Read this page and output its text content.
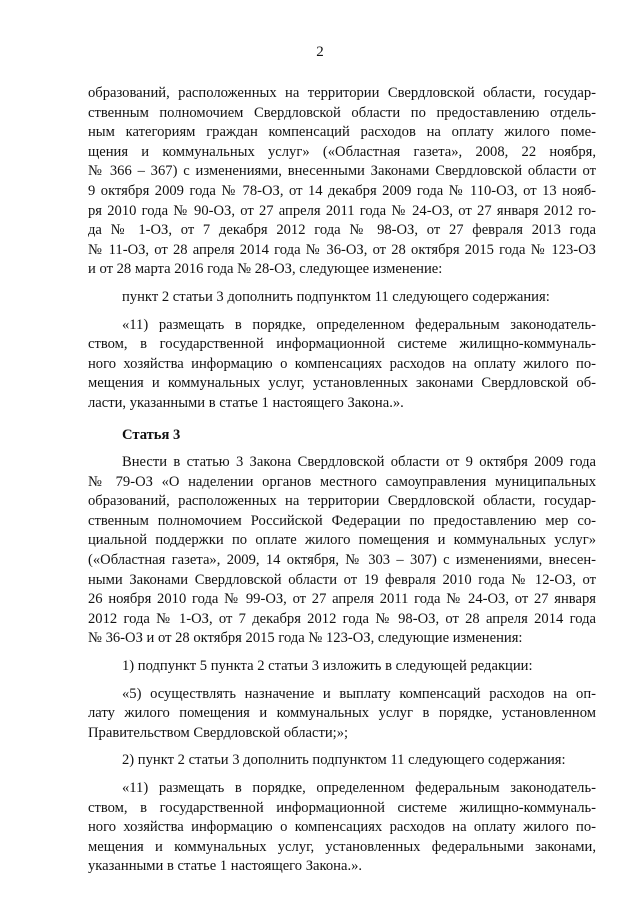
2

образований, расположенных на территории Свердловской области, государ-
ственным полномочием Свердловской области по предоставлению отдель-
ным категориям граждан компенсаций расходов на оплату жилого поме-
щения и коммунальных услуг» («Областная газета», 2008, 22 ноября,
№ 366 – 367) с изменениями, внесенными Законами Свердловской области от
9 октября 2009 года № 78-ОЗ, от 14 декабря 2009 года № 110-ОЗ, от 13 нояб-
ря 2010 года № 90-ОЗ, от 27 апреля 2011 года № 24-ОЗ, от 27 января 2012 го-
да № 1-ОЗ, от 7 декабря 2012 года № 98-ОЗ, от 27 февраля 2013 года
№ 11-ОЗ, от 28 апреля 2014 года № 36-ОЗ, от 28 октября 2015 года № 123-ОЗ
и от 28 марта 2016 года № 28-ОЗ, следующее изменение:

пункт 2 статьи 3 дополнить подпунктом 11 следующего содержания:

«11) размещать в порядке, определенном федеральным законодатель-
ством, в государственной информационной системе жилищно-коммуналь-
ного хозяйства информацию о компенсациях расходов на оплату жилого по-
мещения и коммунальных услуг, установленных законами Свердловской об-
ласти, указанными в статье 1 настоящего Закона.».

Статья 3

Внести в статью 3 Закона Свердловской области от 9 октября 2009 года
№ 79-ОЗ «О наделении органов местного самоуправления муниципальных
образований, расположенных на территории Свердловской области, государ-
ственным полномочием Российской Федерации по предоставлению мер со-
циальной поддержки по оплате жилого помещения и коммунальных услуг»
(«Областная газета», 2009, 14 октября, № 303 – 307) с изменениями, внесен-
ными Законами Свердловской области от 19 февраля 2010 года № 12-ОЗ, от
26 ноября 2010 года № 99-ОЗ, от 27 апреля 2011 года № 24-ОЗ, от 27 января
2012 года № 1-ОЗ, от 7 декабря 2012 года № 98-ОЗ, от 28 апреля 2014 года
№ 36-ОЗ и от 28 октября 2015 года № 123-ОЗ, следующие изменения:

1) подпункт 5 пункта 2 статьи 3 изложить в следующей редакции:

«5) осуществлять назначение и выплату компенсаций расходов на оп-
лату жилого помещения и коммунальных услуг в порядке, установленном
Правительством Свердловской области;»;

2) пункт 2 статьи 3 дополнить подпунктом 11 следующего содержания:

«11) размещать в порядке, определенном федеральным законодатель-
ством, в государственной информационной системе жилищно-коммуналь-
ного хозяйства информацию о компенсациях расходов на оплату жилого по-
мещения и коммунальных услуг, установленных федеральными законами,
указанными в статье 1 настоящего Закона.».
